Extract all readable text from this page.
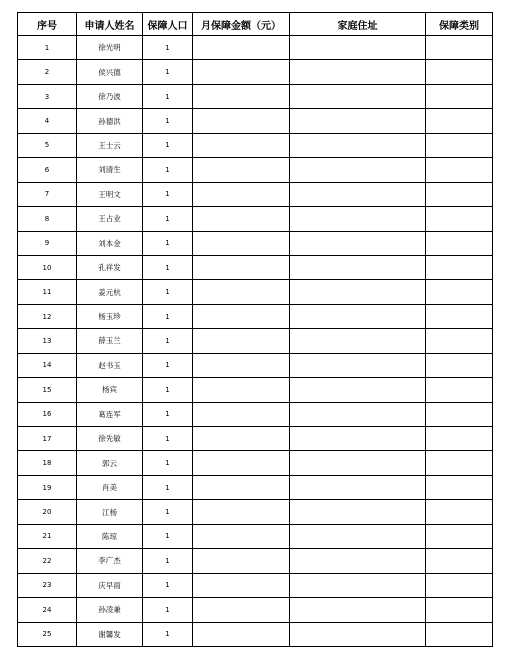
序号	申请人姓名	保障人口	月保障金额（元）	家庭住址	保障类别
1	徐光明	1			
2	侯兴德	1			
3	徐乃波	1			
4	孙德洪	1			
5	王士云	1			
6	刘清生	1			
7	王明文	1			
8	王占业	1			
9	刘本金	1			
10	孔祥发	1			
11	姜元杭	1			
12	杨玉珍	1			
13	薛玉兰	1			
14	赵书玉	1			
15	杨宾	1			
16	葛连军	1			
17	徐先敏	1			
18	郭云	1			
19	肖美	1			
20	江杨	1			
21	陈琼	1			
22	李广杰	1			
23	庆早雨	1			
24	孙凌兼	1			
25	谢馨发	1			
